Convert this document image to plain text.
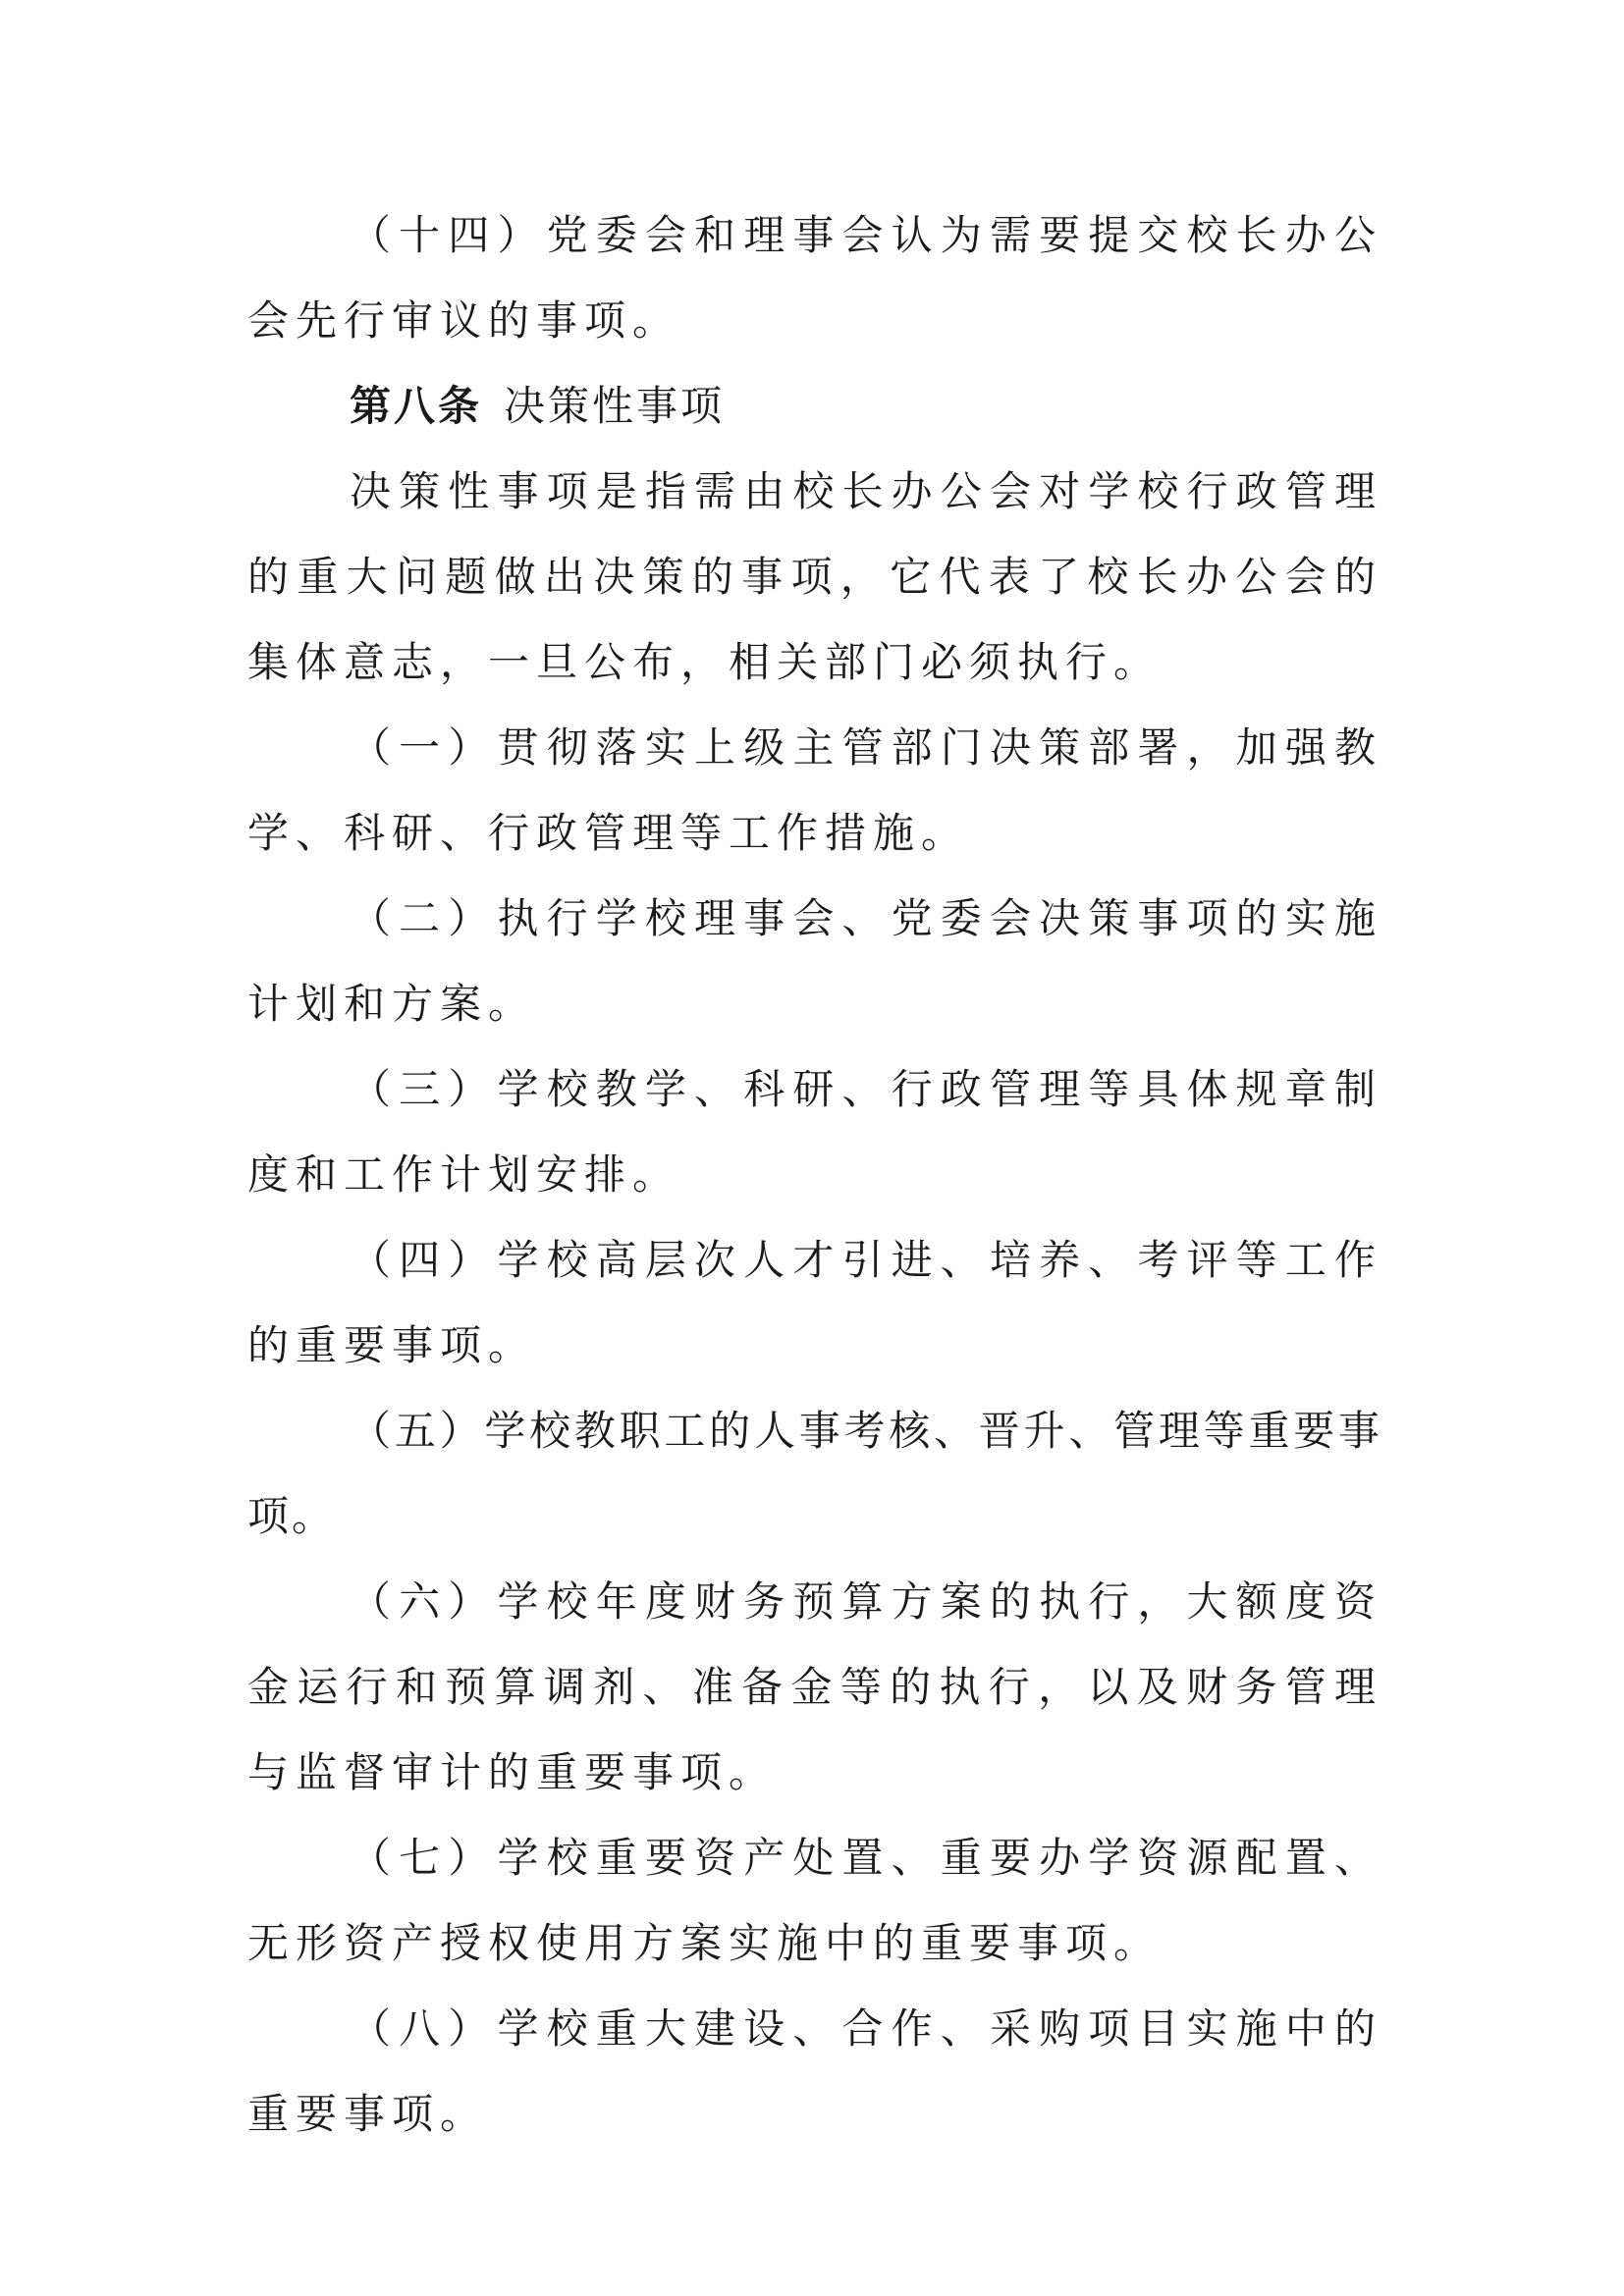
（十四）党委会和理事会认为需要提交校长办公会先行审议的事项。

第八条 决策性事项

决策性事项是指需由校长办公会对学校行政管理的重大问题做出决策的事项，它代表了校长办公会的集体意志，一旦公布，相关部门必须执行。

（一）贯彻落实上级主管部门决策部署，加强教学、科研、行政管理等工作措施。

（二）执行学校理事会、党委会决策事项的实施计划和方案。

（三）学校教学、科研、行政管理等具体规章制度和工作计划安排。

（四）学校高层次人才引进、培养、考评等工作的重要事项。

（五）学校教职工的人事考核、晋升、管理等重要事项。

（六）学校年度财务预算方案的执行，大额度资金运行和预算调剂、准备金等的执行，以及财务管理与监督审计的重要事项。

（七）学校重要资产处置、重要办学资源配置、无形资产授权使用方案实施中的重要事项。

（八）学校重大建设、合作、采购项目实施中的重要事项。
